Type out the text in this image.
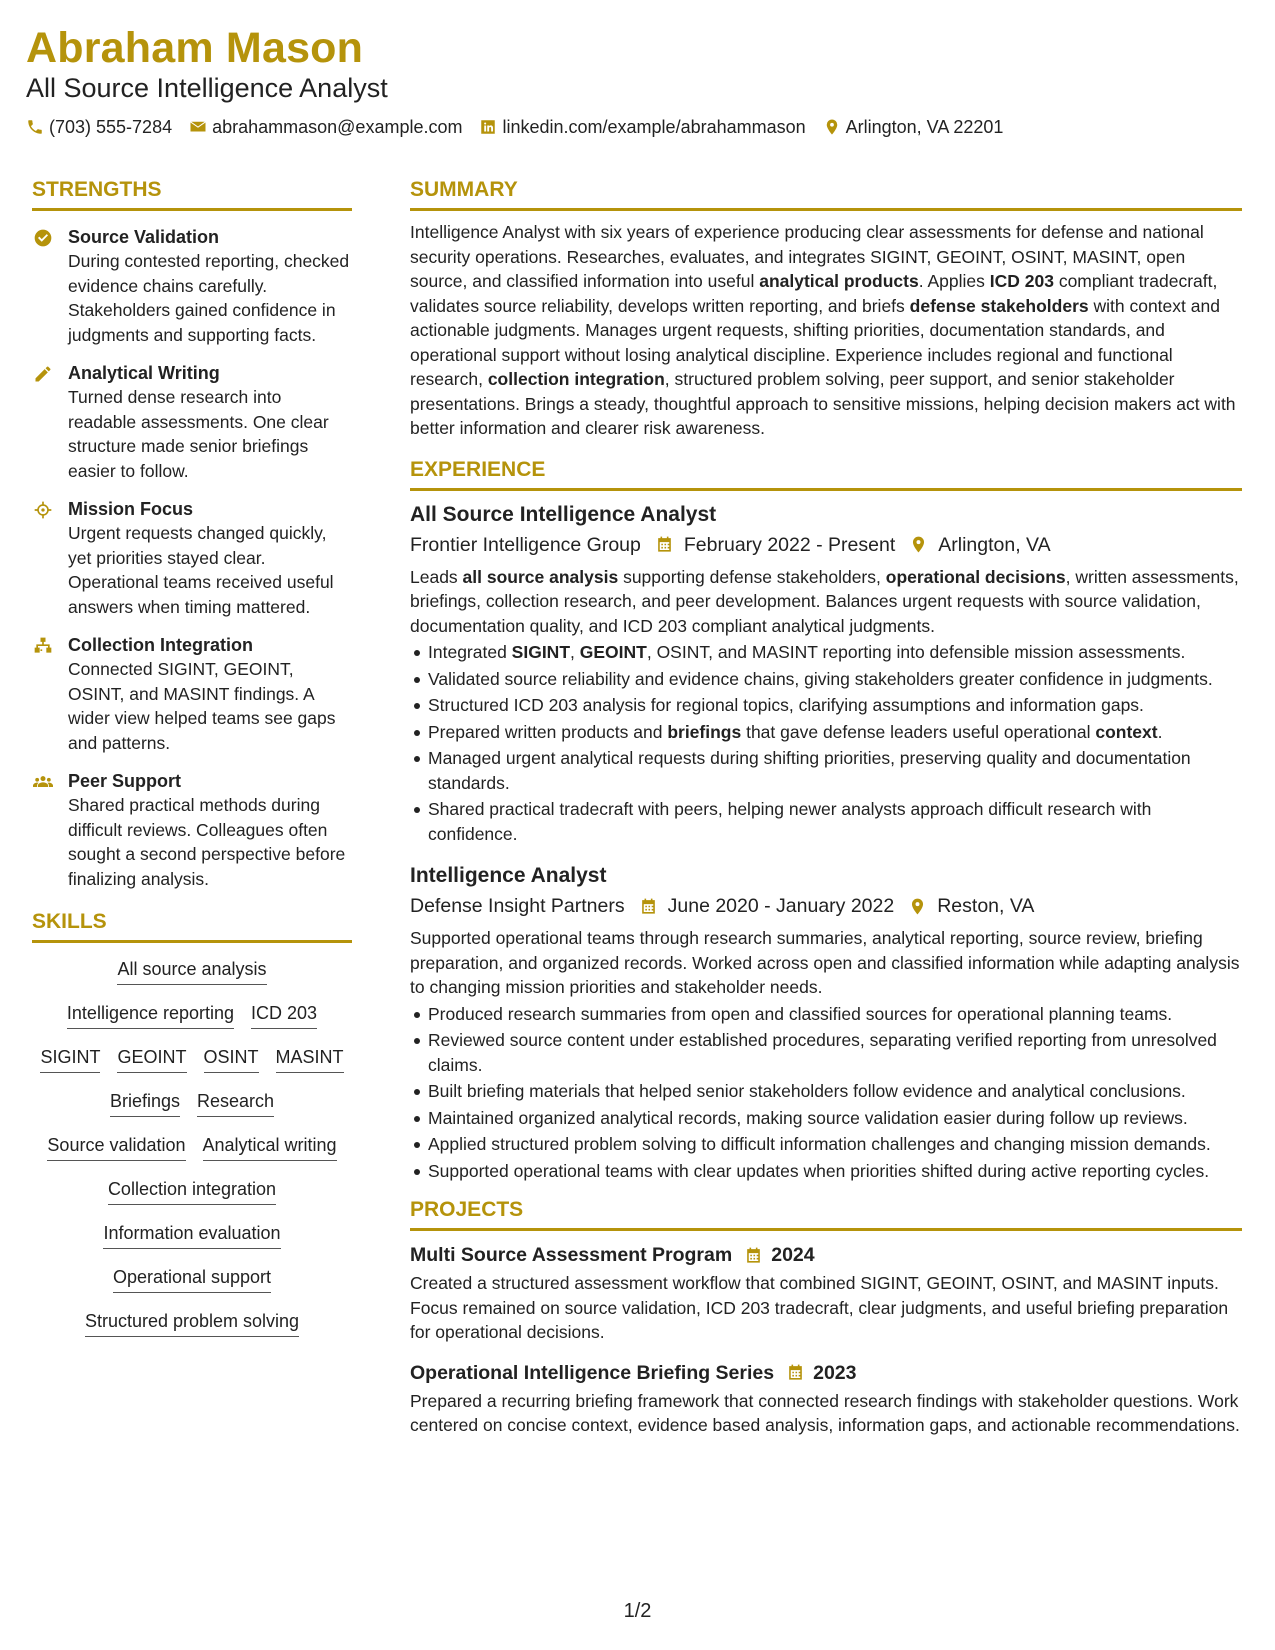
Abraham Mason
All Source Intelligence Analyst
(703) 555-7284 abrahammason@example.com linkedin.com/example/abrahammason Arlington, VA 22201
STRENGTHS
Source Validation
During contested reporting, checked evidence chains carefully. Stakeholders gained confidence in judgments and supporting facts.
Analytical Writing
Turned dense research into readable assessments. One clear structure made senior briefings easier to follow.
Mission Focus
Urgent requests changed quickly, yet priorities stayed clear. Operational teams received useful answers when timing mattered.
Collection Integration
Connected SIGINT, GEOINT, OSINT, and MASINT findings. A wider view helped teams see gaps and patterns.
Peer Support
Shared practical methods during difficult reviews. Colleagues often sought a second perspective before finalizing analysis.
SKILLS
All source analysis
Intelligence reporting ICD 203
SIGINT GEOINT OSINT MASINT
Briefings Research
Source validation Analytical writing
Collection integration
Information evaluation
Operational support
Structured problem solving
SUMMARY

Intelligence Analyst with six years of experience producing clear assessments for defense and national security operations. Researches, evaluates, and integrates SIGINT, GEOINT, OSINT, MASINT, open source, and classified information into useful analytical products. Applies ICD 203 compliant tradecraft, validates source reliability, develops written reporting, and briefs defense stakeholders with context and actionable judgments. Manages urgent requests, shifting priorities, documentation standards, and operational support without losing analytical discipline. Experience includes regional and functional research, collection integration, structured problem solving, peer support, and senior stakeholder presentations. Brings a steady, thoughtful approach to sensitive missions, helping decision makers act with better information and clearer risk awareness.

EXPERIENCE
All Source Intelligence Analyst
Frontier Intelligence Group February 2022 - Present Arlington, VA

Leads all source analysis supporting defense stakeholders, operational decisions, written assessments, briefings, collection research, and peer development. Balances urgent requests with source validation, documentation quality, and ICD 203 compliant analytical judgments.

Integrated SIGINT, GEOINT, OSINT, and MASINT reporting into defensible mission assessments.
Validated source reliability and evidence chains, giving stakeholders greater confidence in judgments.
Structured ICD 203 analysis for regional topics, clarifying assumptions and information gaps.
Prepared written products and briefings that gave defense leaders useful operational context.
Managed urgent analytical requests during shifting priorities, preserving quality and documentation standards.
Shared practical tradecraft with peers, helping newer analysts approach difficult research with confidence.
Intelligence Analyst
Defense Insight Partners June 2020 - January 2022 Reston, VA

Supported operational teams through research summaries, analytical reporting, source review, briefing preparation, and organized records. Worked across open and classified information while adapting analysis to changing mission priorities and stakeholder needs.

Produced research summaries from open and classified sources for operational planning teams.
Reviewed source content under established procedures, separating verified reporting from unresolved claims.
Built briefing materials that helped senior stakeholders follow evidence and analytical conclusions.
Maintained organized analytical records, making source validation easier during follow up reviews.
Applied structured problem solving to difficult information challenges and changing mission demands.
Supported operational teams with clear updates when priorities shifted during active reporting cycles.
PROJECTS
Multi Source Assessment Program 2024

Created a structured assessment workflow that combined SIGINT, GEOINT, OSINT, and MASINT inputs. Focus remained on source validation, ICD 203 tradecraft, clear judgments, and useful briefing preparation for operational decisions.

Operational Intelligence Briefing Series 2023

Prepared a recurring briefing framework that connected research findings with stakeholder questions. Work centered on concise context, evidence based analysis, information gaps, and actionable recommendations.

1/2
